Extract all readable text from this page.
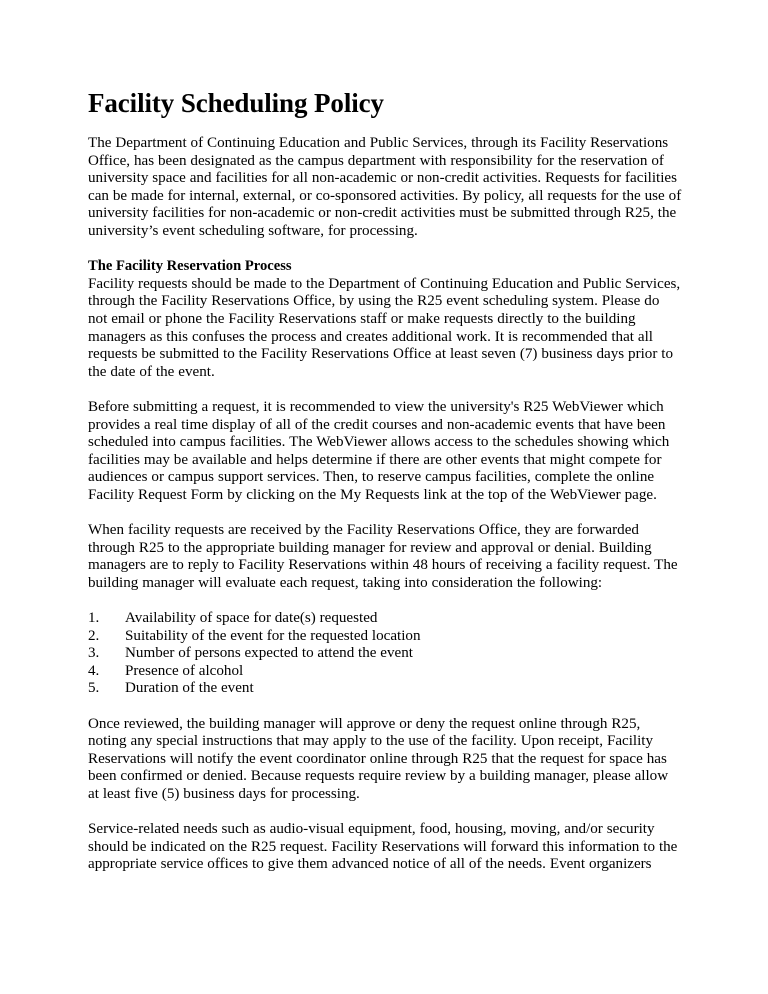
Facility Scheduling Policy

The Department of Continuing Education and Public Services, through its Facility Reservations Office, has been designated as the campus department with responsibility for the reservation of university space and facilities for all non-academic or non-credit activities. Requests for facilities can be made for internal, external, or co-sponsored activities. By policy, all requests for the use of university facilities for non-academic or non-credit activities must be submitted through R25, the university’s event scheduling software, for processing.

The Facility Reservation Process

Facility requests should be made to the Department of Continuing Education and Public Services, through the Facility Reservations Office, by using the R25 event scheduling system. Please do not email or phone the Facility Reservations staff or make requests directly to the building managers as this confuses the process and creates additional work. It is recommended that all requests be submitted to the Facility Reservations Office at least seven (7) business days prior to the date of the event.

Before submitting a request, it is recommended to view the university's R25 WebViewer which provides a real time display of all of the credit courses and non-academic events that have been scheduled into campus facilities. The WebViewer allows access to the schedules showing which facilities may be available and helps determine if there are other events that might compete for audiences or campus support services. Then, to reserve campus facilities, complete the online Facility Request Form by clicking on the My Requests link at the top of the WebViewer page.

When facility requests are received by the Facility Reservations Office, they are forwarded through R25 to the appropriate building manager for review and approval or denial. Building managers are to reply to Facility Reservations within 48 hours of receiving a facility request. The building manager will evaluate each request, taking into consideration the following:

1.	Availability of space for date(s) requested
2.	Suitability of the event for the requested location
3.	Number of persons expected to attend the event
4.	Presence of alcohol
5.	Duration of the event

Once reviewed, the building manager will approve or deny the request online through R25, noting any special instructions that may apply to the use of the facility. Upon receipt, Facility Reservations will notify the event coordinator online through R25 that the request for space has been confirmed or denied. Because requests require review by a building manager, please allow at least five (5) business days for processing.

Service-related needs such as audio-visual equipment, food, housing, moving, and/or security should be indicated on the R25 request. Facility Reservations will forward this information to the appropriate service offices to give them advanced notice of all of the needs. Event organizers
